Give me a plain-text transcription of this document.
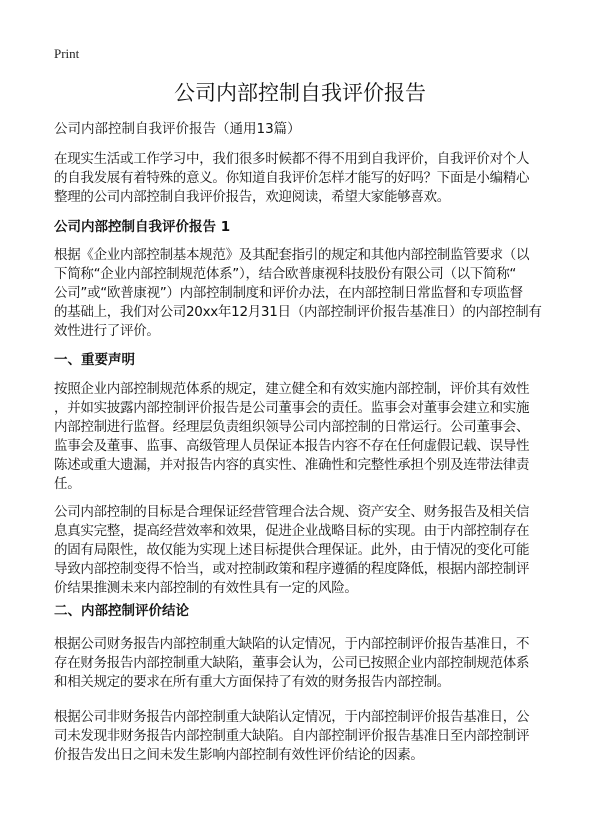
Print
公司内部控制自我评价报告
公司内部控制自我评价报告（通用13篇）
在现实生活或工作学习中，我们很多时候都不得不用到自我评价，自我评价对个人
的自我发展有着特殊的意义。你知道自我评价怎样才能写的好吗？下面是小编精心
整理的公司内部控制自我评价报告，欢迎阅读，希望大家能够喜欢。
公司内部控制自我评价报告 1
根据《企业内部控制基本规范》及其配套指引的规定和其他内部控制监管要求（以
下简称“企业内部控制规范体系”），结合欧普康视科技股份有限公司（以下简称“
公司”或“欧普康视”）内部控制制度和评价办法，在内部控制日常监督和专项监督
的基础上，我们对公司20xx年12月31日（内部控制评价报告基准日）的内部控制有
效性进行了评价。
一、重要声明
按照企业内部控制规范体系的规定，建立健全和有效实施内部控制，评价其有效性
，并如实披露内部控制评价报告是公司董事会的责任。监事会对董事会建立和实施
内部控制进行监督。经理层负责组织领导公司内部控制的日常运行。公司董事会、
监事会及董事、监事、高级管理人员保证本报告内容不存在任何虚假记载、误导性
陈述或重大遗漏，并对报告内容的真实性、准确性和完整性承担个别及连带法律责
任。
公司内部控制的目标是合理保证经营管理合法合规、资产安全、财务报告及相关信
息真实完整，提高经营效率和效果，促进企业战略目标的实现。由于内部控制存在
的固有局限性，故仅能为实现上述目标提供合理保证。此外，由于情况的变化可能
导致内部控制变得不恰当，或对控制政策和程序遵循的程度降低，根据内部控制评
价结果推测未来内部控制的有效性具有一定的风险。
二、内部控制评价结论
根据公司财务报告内部控制重大缺陷的认定情况，于内部控制评价报告基准日，不
存在财务报告内部控制重大缺陷，董事会认为，公司已按照企业内部控制规范体系
和相关规定的要求在所有重大方面保持了有效的财务报告内部控制。
根据公司非财务报告内部控制重大缺陷认定情况，于内部控制评价报告基准日，公
司未发现非财务报告内部控制重大缺陷。自内部控制评价报告基准日至内部控制评
价报告发出日之间未发生影响内部控制有效性评价结论的因素。
